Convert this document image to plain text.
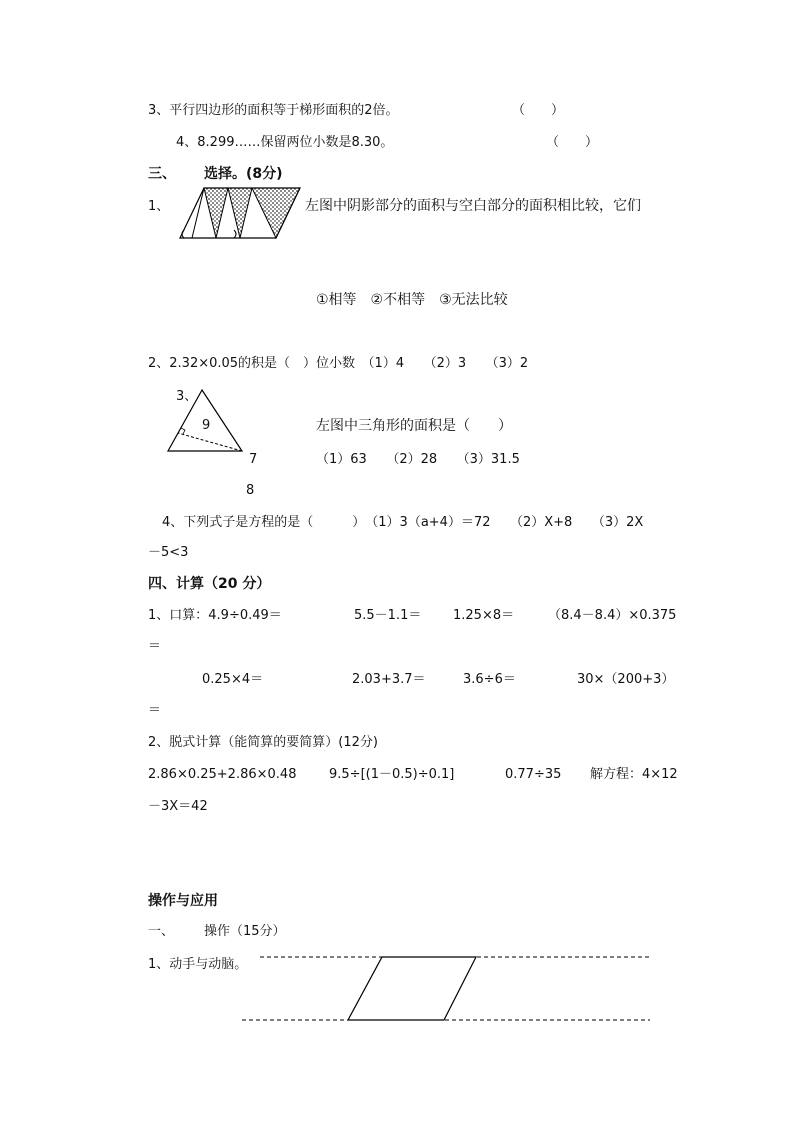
3、平行四边形的面积等于梯形面积的2倍。	（　　）
4、8.299……保留两位小数是8.30。	（　　）
三、 选择。(8分)
1、	左图中阴影部分的面积与空白部分的面积相比较，它们
①相等　②不相等　③无法比较
2、2.32×0.05的积是（　）位小数　（1）4　　（2）3　　（3）2
3、
9
7
8
左图中三角形的面积是（　　）
（1）63　　（2）28　　（3）31.5
4、下列式子是方程的是（　　　）　（1）3（a+4）＝72　　（2）X+8　　（3）2X
－5<3
四、计算（20 分）
1、口算：4.9÷0.49＝	5.5－1.1＝ 1.25×8＝	（8.4－8.4）×0.375
＝
0.25×4＝	2.03+3.7＝	3.6÷6＝	30×（200+3）
＝
2、脱式计算（能简算的要简算）(12分)
2.86×0.25+2.86×0.48	9.5÷[(1－0.5)÷0.1]	0.77÷35 解方程：4×12
－3X＝42
操作与应用
一、 操作（15分）
1、动手与动脑。
